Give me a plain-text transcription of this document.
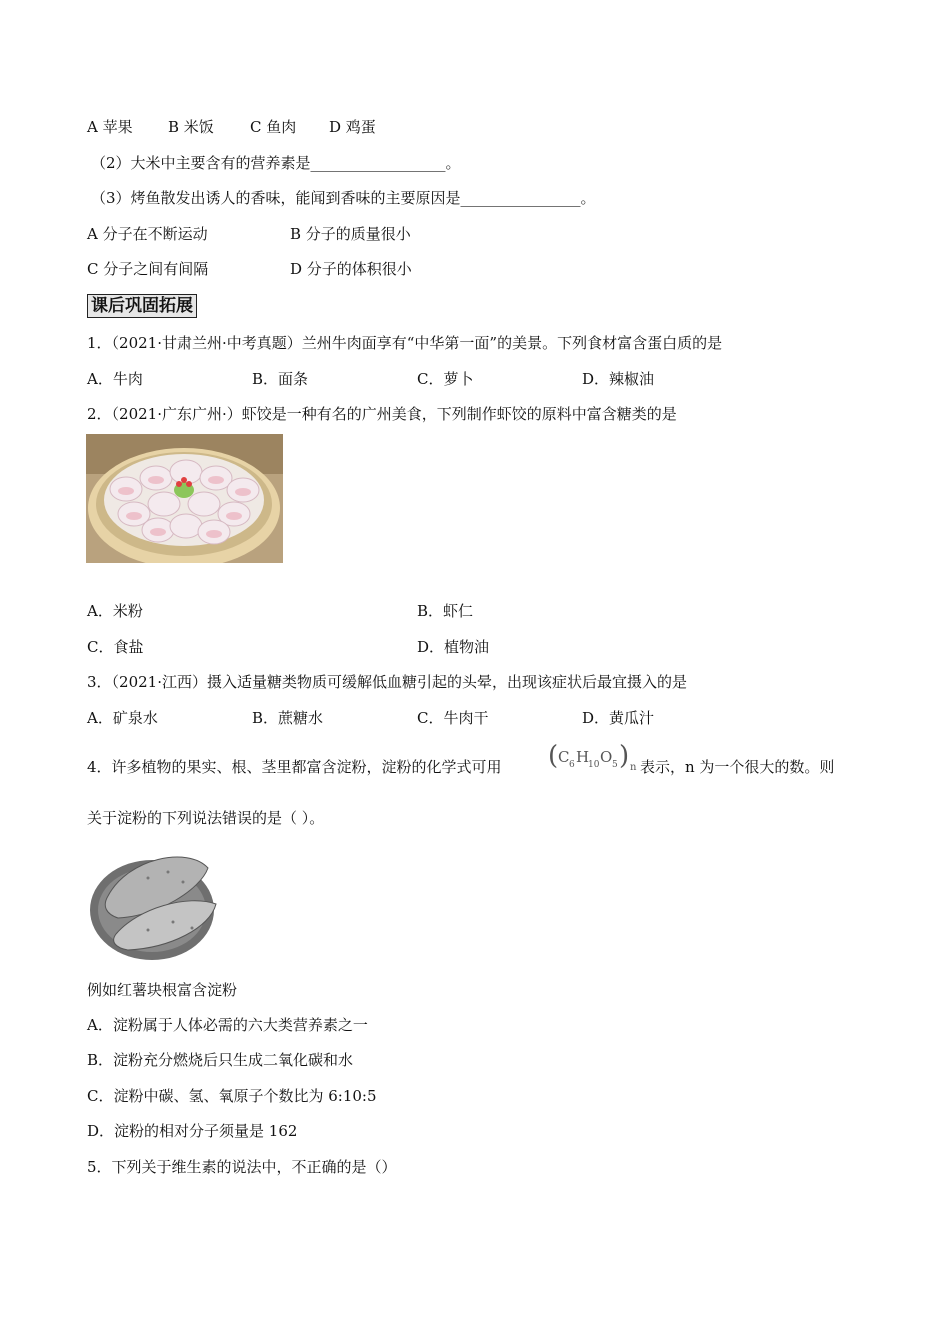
A 苹果 B 米饭 C 鱼肉 D 鸡蛋
（2）大米中主要含有的营养素是__________________。
（3）烤鱼散发出诱人的香味，能闻到香味的主要原因是________________。
A 分子在不断运动	B 分子的质量很小
C 分子之间有间隔	D 分子的体积很小
课后巩固拓展
1．（2021·甘肃兰州·中考真题）兰州牛肉面享有“中华第一面”的美景。下列食材富含蛋白质的是
A．牛肉	B．面条	C．萝卜	D．辣椒油
2．（2021·广东广州·）虾饺是一种有名的广州美食，下列制作虾饺的原料中富含糖类的是
A．米粉	B．虾仁
C．食盐	D．植物油
3．（2021·江西）摄入适量糖类物质可缓解低血糖引起的头晕，出现该症状后最宜摄入的是
A．矿泉水	B．蔗糖水	C．牛肉干	D．黄瓜汁
4．许多植物的果实、根、茎里都富含淀粉，淀粉的化学式可用 ( C 6 H
10 O 5 ) n 表示，n 为一个很大的数。则
关于淀粉的下列说法错误的是（ ）。
例如红薯块根富含淀粉
A．淀粉属于人体必需的六大类营养素之一
B．淀粉充分燃烧后只生成二氧化碳和水
C．淀粉中碳、氢、氧原子个数比为 6:10:5
D．淀粉的相对分子须量是 162
5．下列关于维生素的说法中，不正确的是（）
